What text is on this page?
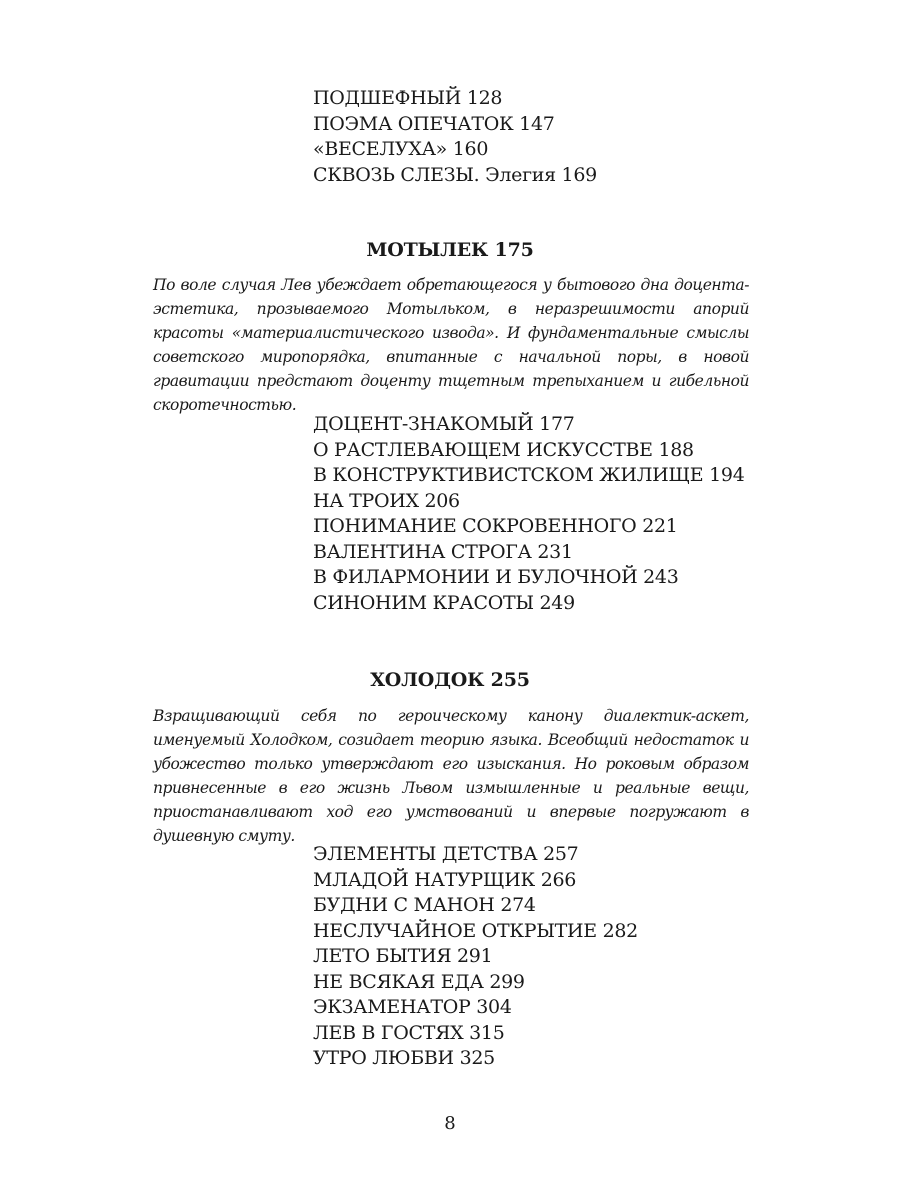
ПОДШЕФНЫЙ 128
ПОЭМА ОПЕЧАТОК 147
«ВЕСЕЛУХА» 160
СКВОЗЬ СЛЕЗЫ. Элегия 169
МОТЫЛЕК 175

По воле случая Лев убеждает обретающегося у бытового дна доцента-эстетика, прозываемого Мотыльком, в неразрешимости апорий красоты «материалистического извода». И фундаментальные смыслы советского миропорядка, впитанные с начальной поры, в новой гравитации предстают доценту тщетным трепыханием и гибельной скоротечностью.

ДОЦЕНТ-ЗНАКОМЫЙ 177
О РАСТЛЕВАЮЩЕМ ИСКУССТВЕ 188
В КОНСТРУКТИВИСТСКОМ ЖИЛИЩЕ 194
НА ТРОИХ 206
ПОНИМАНИЕ СОКРОВЕННОГО 221
ВАЛЕНТИНА СТРОГА 231
В ФИЛАРМОНИИ И БУЛОЧНОЙ 243
СИНОНИМ КРАСОТЫ 249
ХОЛОДОК 255

Взращивающий себя по героическому канону диалектик-аскет, именуемый Холодком, созидает теорию языка. Всеобщий недостаток и убожество только утверждают его изыскания. Но роковым образом привнесенные в его жизнь Львом измышленные и реальные вещи, приостанавливают ход его умствований и впервые погружают в душевную смуту.

ЭЛЕМЕНТЫ ДЕТСТВА 257
МЛАДОЙ НАТУРЩИК 266
БУДНИ С МАНОН 274
НЕСЛУЧАЙНОЕ ОТКРЫТИЕ 282
ЛЕТО БЫТИЯ 291
НЕ ВСЯКАЯ ЕДА 299
ЭКЗАМЕНАТОР 304
ЛЕВ В ГОСТЯХ 315
УТРО ЛЮБВИ 325
8
